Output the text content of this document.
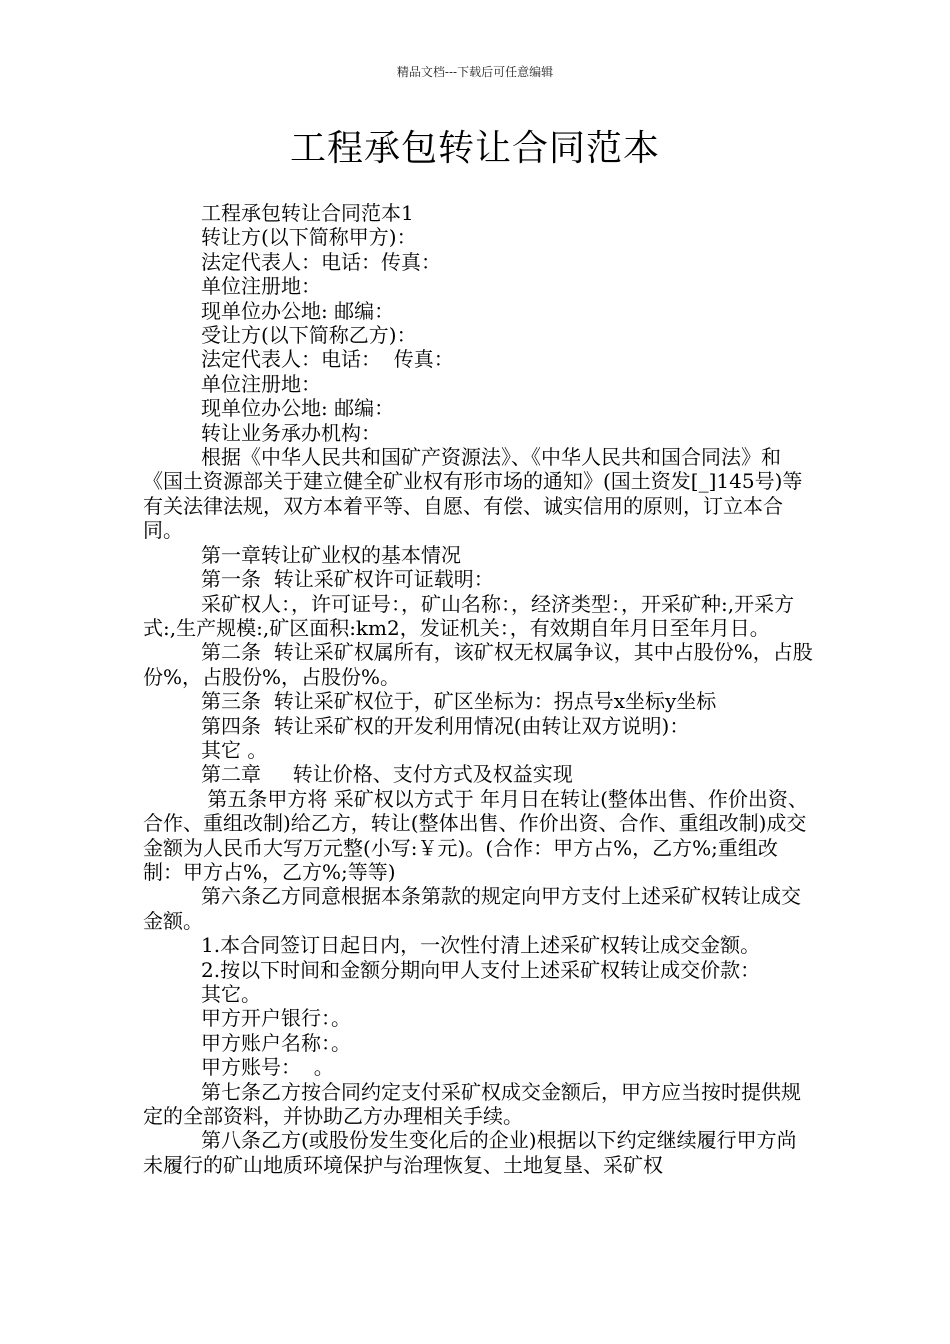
精品文档---下载后可任意编辑
工程承包转让合同范本

工程承包转让合同范本1

转让方(以下简称甲方)：

法定代表人：电话：传真：

单位注册地：

现单位办公地: 邮编：

受让方(以下简称乙方)：

法定代表人：电话：  传真：

单位注册地：

现单位办公地: 邮编：

转让业务承办机构：

根据《中华人民共和国矿产资源法》、《中华人民共和国合同法》和《国土资源部关于建立健全矿业权有形市场的通知》(国土资发[_]145号)等有关法律法规，双方本着平等、自愿、有偿、诚实信用的原则，订立本合同。

第一章转让矿业权的基本情况

第一条  转让采矿权许可证载明：

采矿权人：，许可证号：，矿山名称：，经济类型：，开采矿种:,开采方式:,生产规模:,矿区面积:km2，发证机关：，有效期自年月日至年月日。

第二条  转让采矿权属所有，该矿权无权属争议，其中占股份%，占股份%，占股份%，占股份%。

第三条  转让采矿权位于，矿区坐标为：拐点号x坐标y坐标

第四条  转让采矿权的开发利用情况(由转让双方说明)：

其它 。

第二章     转让价格、支付方式及权益实现

第五条甲方将 采矿权以方式于 年月日在转让(整体出售、作价出资、合作、重组改制)给乙方，转让(整体出售、作价出资、合作、重组改制)成交金额为人民币大写万元整(小写:￥元)。(合作：甲方占%，乙方%;重组改制：甲方占%，乙方%;等等)

第六条乙方同意根据本条第款的规定向甲方支付上述采矿权转让成交金额。

1.本合同签订日起日内，一次性付清上述采矿权转让成交金额。

2.按以下时间和金额分期向甲人支付上述采矿权转让成交价款：

其它。

甲方开户银行：。

甲方账户名称：。

甲方账号：  。

第七条乙方按合同约定支付采矿权成交金额后，甲方应当按时提供规定的全部资料，并协助乙方办理相关手续。

第八条乙方(或股份发生变化后的企业)根据以下约定继续履行甲方尚未履行的矿山地质环境保护与治理恢复、土地复垦、采矿权
